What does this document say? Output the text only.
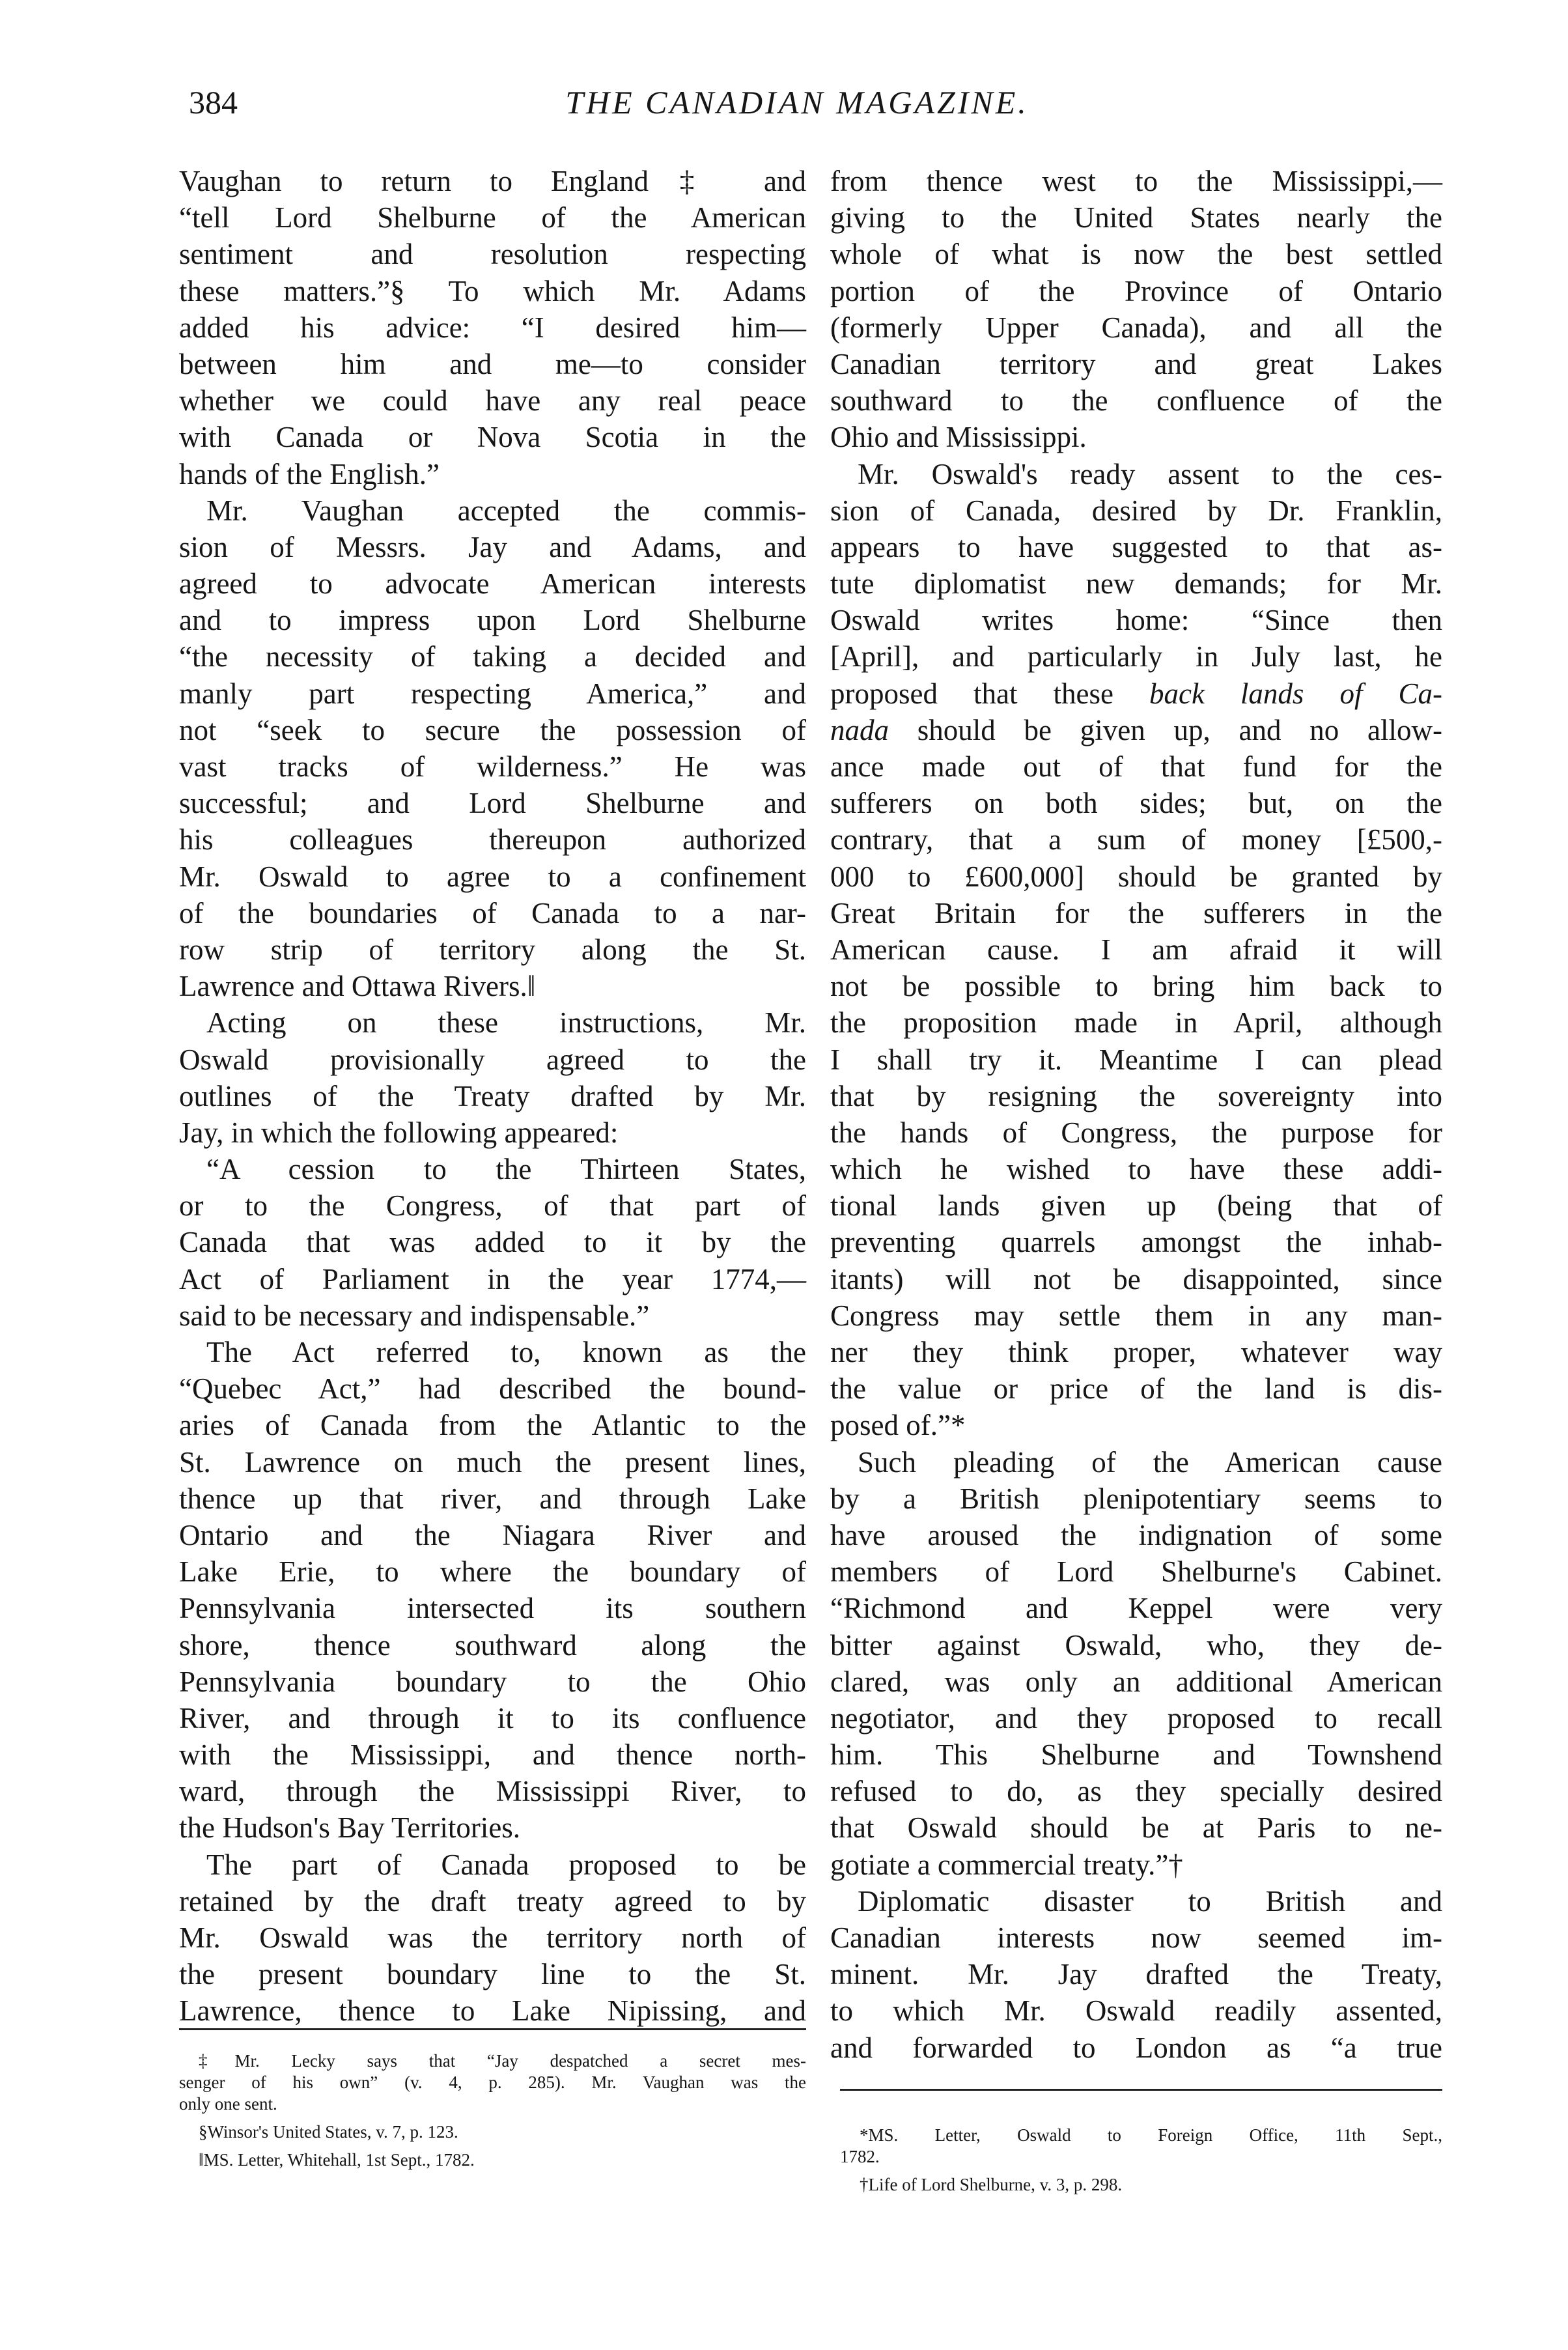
384	THE CANADIAN MAGAZINE.
Vaughan to return to England‡ and
“tell Lord Shelburne of the American
sentiment and resolution respecting
these matters.”§ To which Mr. Adams
added his advice: “I desired him—
between him and me—to consider
whether we could have any real peace
with Canada or Nova Scotia in the
hands of the English.”
Mr. Vaughan accepted the commis-
sion of Messrs. Jay and Adams, and
agreed to advocate American interests
and to impress upon Lord Shelburne
“the necessity of taking a decided and
manly part respecting America,” and
not “seek to secure the possession of
vast tracks of wilderness.” He was
successful; and Lord Shelburne and
his colleagues thereupon authorized
Mr. Oswald to agree to a confinement
of the boundaries of Canada to a nar-
row strip of territory along the St.
Lawrence and Ottawa Rivers.‖
Acting on these instructions, Mr.
Oswald provisionally agreed to the
outlines of the Treaty drafted by Mr.
Jay, in which the following appeared:
“A cession to the Thirteen States,
or to the Congress, of that part of
Canada that was added to it by the
Act of Parliament in the year 1774,—
said to be necessary and indispensable.”
The Act referred to, known as the
“Quebec Act,” had described the bound-
aries of Canada from the Atlantic to the
St. Lawrence on much the present lines,
thence up that river, and through Lake
Ontario and the Niagara River and
Lake Erie, to where the boundary of
Pennsylvania intersected its southern
shore, thence southward along the
Pennsylvania boundary to the Ohio
River, and through it to its confluence
with the Mississippi, and thence north-
ward, through the Mississippi River, to
the Hudson's Bay Territories.
The part of Canada proposed to be
retained by the draft treaty agreed to by
Mr. Oswald was the territory north of
the present boundary line to the St.
Lawrence, thence to Lake Nipissing, and
from thence west to the Mississippi,—
giving to the United States nearly the
whole of what is now the best settled
portion of the Province of Ontario
(formerly Upper Canada), and all the
Canadian territory and great Lakes
southward to the confluence of the
Ohio and Mississippi.
Mr. Oswald's ready assent to the ces-
sion of Canada, desired by Dr. Franklin,
appears to have suggested to that as-
tute diplomatist new demands; for Mr.
Oswald writes home: “Since then
[April], and particularly in July last, he
proposed that these back lands of Ca-
nada should be given up, and no allow-
ance made out of that fund for the
sufferers on both sides; but, on the
contrary, that a sum of money [£500,-
000 to £600,000] should be granted by
Great Britain for the sufferers in the
American cause. I am afraid it will
not be possible to bring him back to
the proposition made in April, although
I shall try it. Meantime I can plead
that by resigning the sovereignty into
the hands of Congress, the purpose for
which he wished to have these addi-
tional lands given up (being that of
preventing quarrels amongst the inhab-
itants) will not be disappointed, since
Congress may settle them in any man-
ner they think proper, whatever way
the value or price of the land is dis-
posed of.”*
Such pleading of the American cause
by a British plenipotentiary seems to
have aroused the indignation of some
members of Lord Shelburne's Cabinet.
“Richmond and Keppel were very
bitter against Oswald, who, they de-
clared, was only an additional American
negotiator, and they proposed to recall
him. This Shelburne and Townshend
refused to do, as they specially desired
that Oswald should be at Paris to ne-
gotiate a commercial treaty.”†
Diplomatic disaster to British and
Canadian interests now seemed im-
minent. Mr. Jay drafted the Treaty,
to which Mr. Oswald readily assented,
and forwarded to London as “a true
‡Mr. Lecky says that “Jay despatched a secret mes-
senger of his own” (v. 4, p. 285). Mr. Vaughan was the
only one sent.
§Winsor's United States, v. 7, p. 123.
‖MS. Letter, Whitehall, 1st Sept., 1782.
*MS. Letter, Oswald to Foreign Office, 11th Sept.,
1782.
†Life of Lord Shelburne, v. 3, p. 298.
